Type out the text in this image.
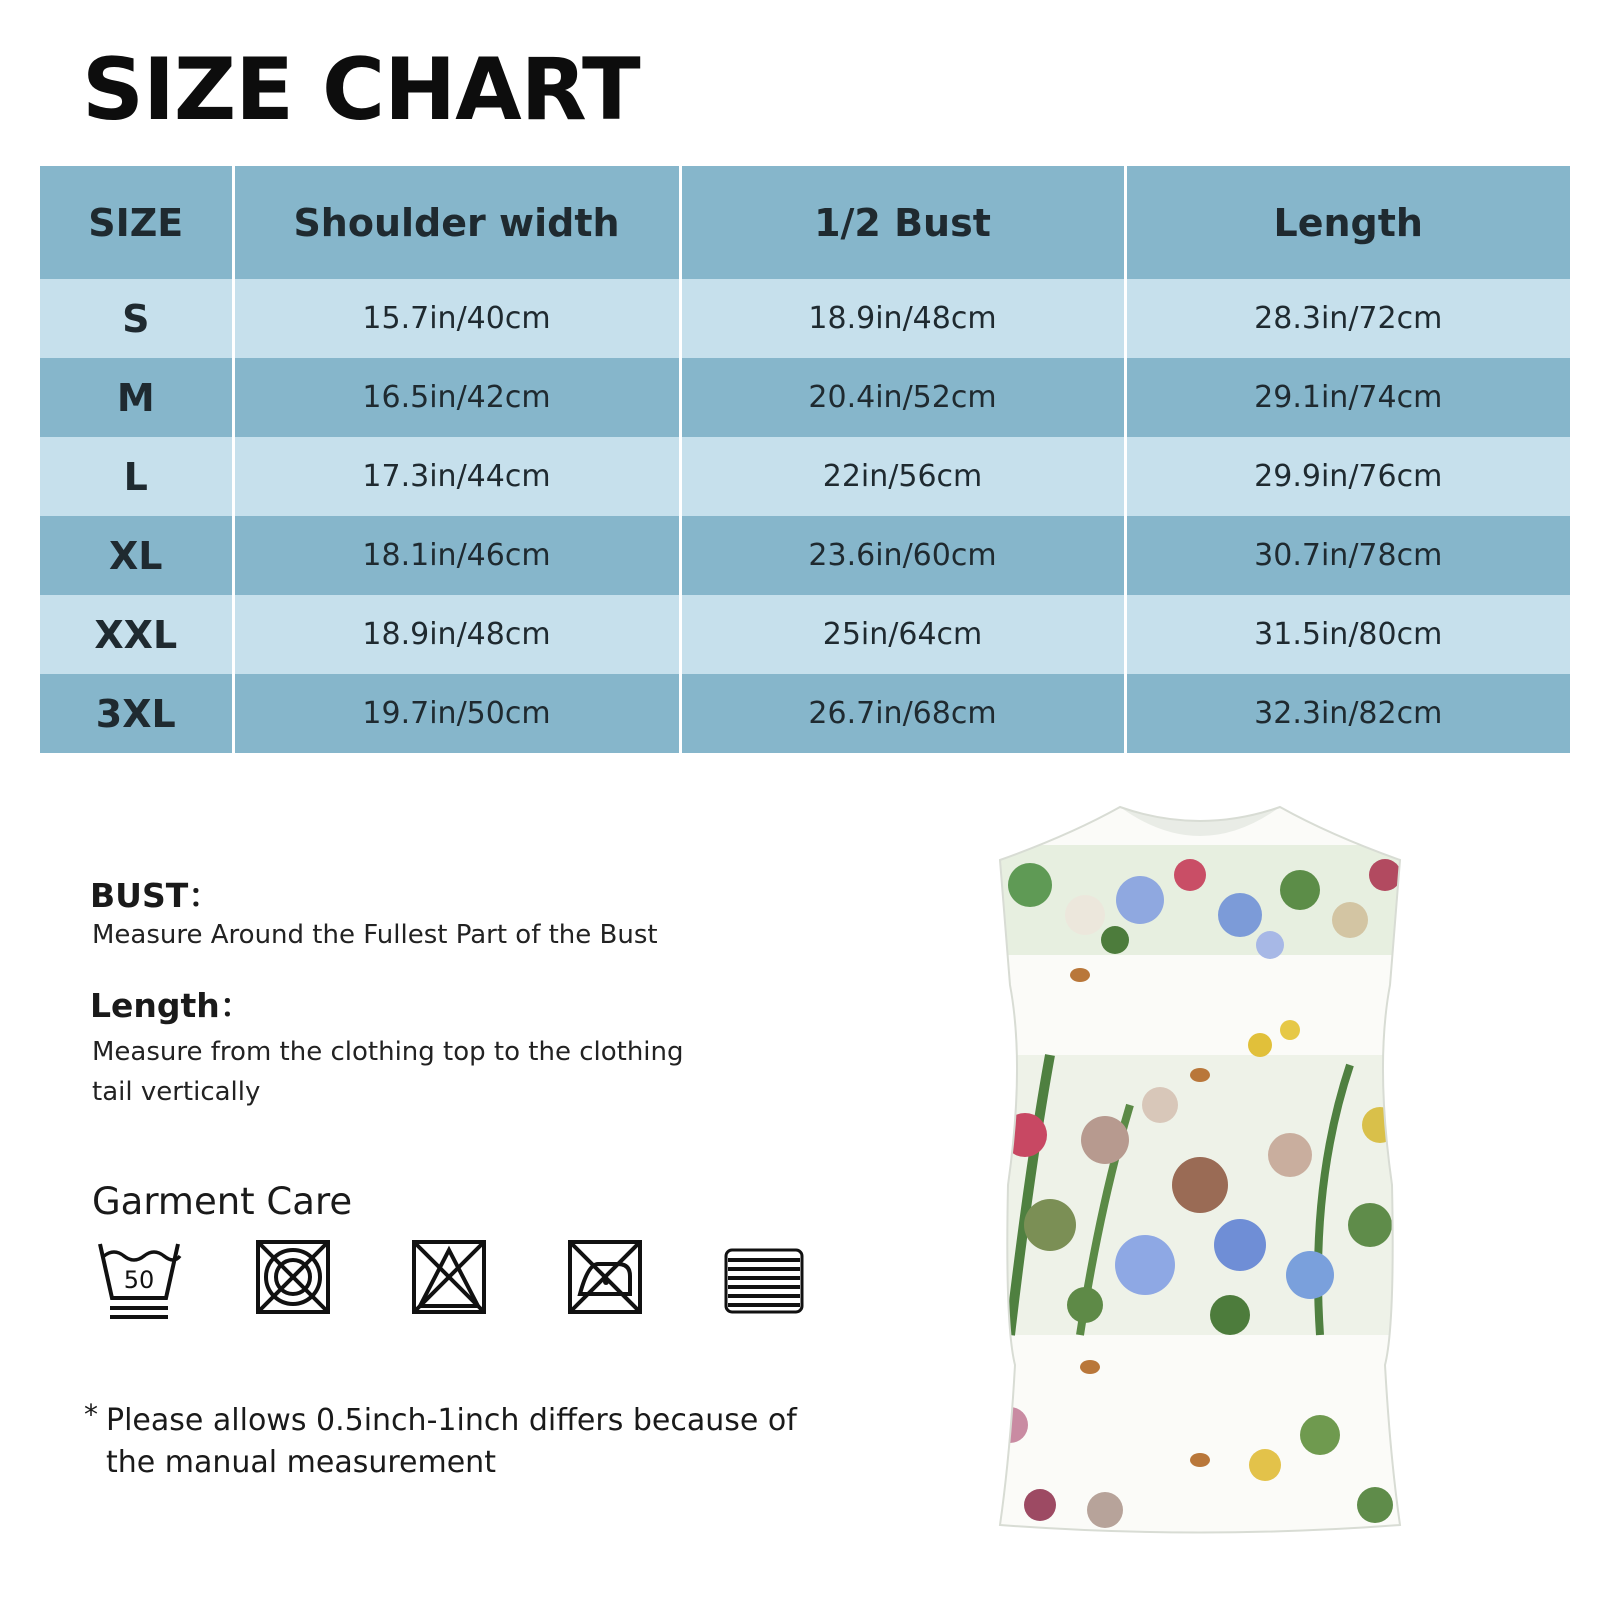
SIZE CHART
SIZE	Shoulder width	1/2 Bust	Length
S	15.7in/40cm	18.9in/48cm	28.3in/72cm
M	16.5in/42cm	20.4in/52cm	29.1in/74cm
L	17.3in/44cm	22in/56cm	29.9in/76cm
XL	18.1in/46cm	23.6in/60cm	30.7in/78cm
XXL	18.9in/48cm	25in/64cm	31.5in/80cm
3XL	19.7in/50cm	26.7in/68cm	32.3in/82cm
BUST：
Measure Around the Fullest Part of the Bust
Length：
Measure from the clothing top to the clothing tail vertically
Garment Care
50
* Please allows 0.5inch-1inch differs because of the manual measurement
